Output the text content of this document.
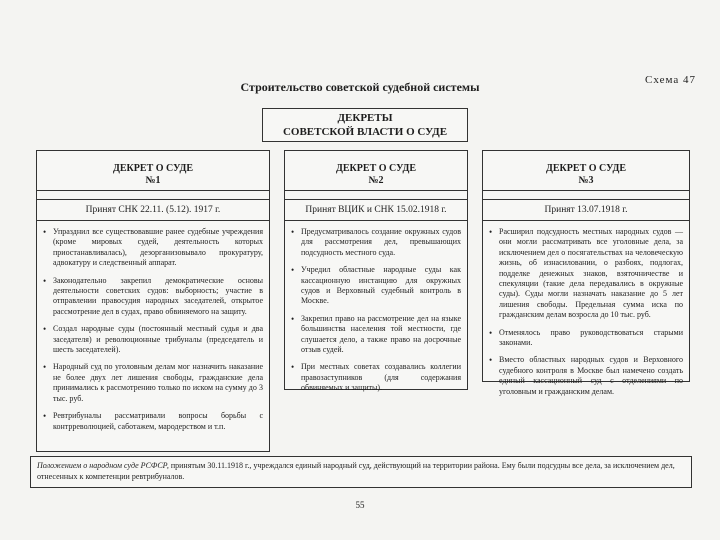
Схема 47
Строительство советской судебной системы
ДЕКРЕТЫ
СОВЕТСКОЙ ВЛАСТИ О СУДЕ
ДЕКРЕТ О СУДЕ
№1
Принят СНК 22.11. (5.12). 1917 г.
• Упразднил все существовавшие ранее судебные учреждения (кроме мировых судей, деятельность которых приостанавливалась), дезорганизовывало прокуратуру, адвокатуру и следственный аппарат.
• Законодательно закрепил демократические основы деятельности советских судов: выборность; участие в отправлении правосудия народных заседателей, открытое рассмотрение дел в судах, право обвиняемого на защиту.
• Создал народные суды (постоянный местный судья и два заседателя) и революционные трибуналы (председатель и шесть заседателей).
• Народный суд по уголовным делам мог назначить наказание не более двух лет лишения свободы, гражданские дела принимались к рассмотрению только по иском на сумму до 3 тыс. руб.
• Ревтрибуналы рассматривали вопросы борьбы с контрреволюцией, саботажем, мародерством и т.п.
ДЕКРЕТ О СУДЕ
№2
Принят ВЦИК и СНК 15.02.1918 г.
• Предусматривалось создание окружных судов для рассмотрения дел, превышающих подсудность местного суда.
• Учредил областные народные суды как кассационную инстанцию для окружных судов и Верховный судебный контроль в Москве.
• Закрепил право на рассмотрение дел на языке большинства населения той местности, где слушается дело, а также право на досрочные отзыв судей.
• При местных советах создавались коллегии правозаступников (для содержания обвиняемых и защиты).
ДЕКРЕТ О СУДЕ
№3
Принят 13.07.1918 г.
• Расширил подсудность местных народных судов — они могли рассматривать все уголовные дела, за исключением дел о посягательствах на человеческую жизнь, об изнасиловании, о разбоях, подлогах, подделке денежных знаков, взяточничестве и спекуляции (такие дела передавались в окружные суды). Суды могли назначать наказание до 5 лет лишения свободы. Предельная сумма иска по гражданским делам возросла до 10 тыс. руб.
• Отменялось право руководствоваться старыми законами.
• Вместо областных народных судов и Верховного судебного контроля в Москве был намечено создать единый кассационный суд с отделениями по уголовным и гражданским делам.
Положением о народном суде РСФСР, принятым 30.11.1918 г., учреждался единый народный суд, действующий на территории района. Ему были подсудны все дела, за исключением дел, отнесенных к компетенции ревтрибуналов.
55
